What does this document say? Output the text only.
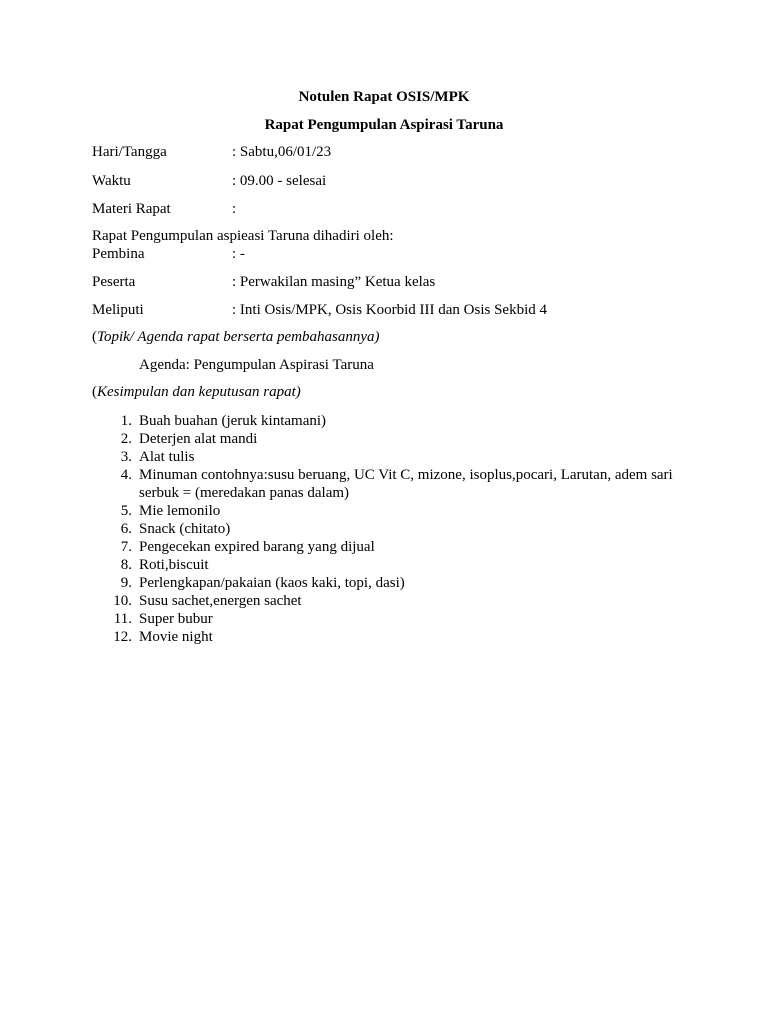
Notulen Rapat OSIS/MPK
Rapat Pengumpulan Aspirasi Taruna
Hari/Tangga	: Sabtu,06/01/23
Waktu	: 09.00 - selesai
Materi Rapat	:
Rapat Pengumpulan aspieasi Taruna dihadiri oleh:
Pembina	: -
Peserta	: Perwakilan masing” Ketua kelas
Meliputi	: Inti Osis/MPK, Osis Koorbid III dan Osis Sekbid 4
(Topik/ Agenda rapat berserta pembahasannya)
Agenda: Pengumpulan Aspirasi Taruna
(Kesimpulan dan keputusan rapat)
1. Buah buahan (jeruk kintamani)
2. Deterjen alat mandi
3. Alat tulis
4. Minuman contohnya:susu beruang, UC Vit C, mizone, isoplus,pocari, Larutan, adem sari serbuk = (meredakan panas dalam)
5. Mie lemonilo
6. Snack (chitato)
7. Pengecekan expired barang yang dijual
8. Roti,biscuit
9. Perlengkapan/pakaian (kaos kaki, topi, dasi)
10. Susu sachet,energen sachet
11. Super bubur
12. Movie night
